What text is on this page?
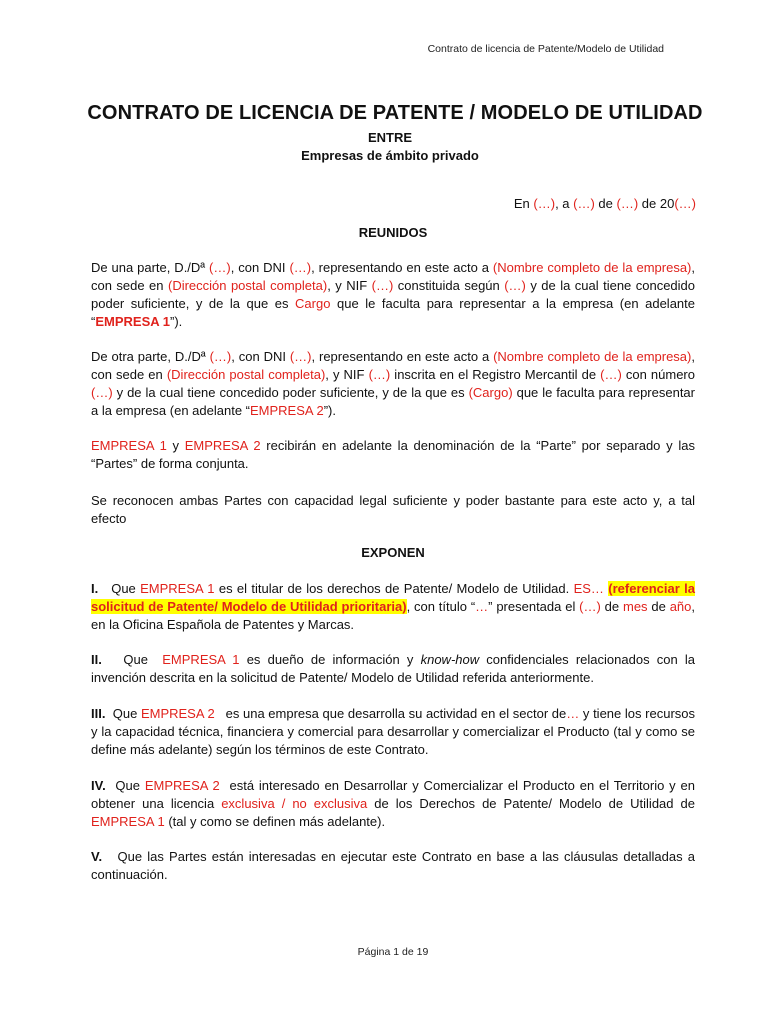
Contrato de licencia de Patente/Modelo de Utilidad
CONTRATO DE LICENCIA DE PATENTE / MODELO DE UTILIDAD
ENTRE
Empresas de ámbito privado
En (…), a (…) de (…) de 20(…)
REUNIDOS
De una parte, D./Dª (…), con DNI (…), representando en este acto a (Nombre completo de la empresa), con sede en (Dirección postal completa), y NIF (…) constituida según (…) y de la cual tiene concedido poder suficiente, y de la que es Cargo que le faculta para representar a la empresa (en adelante “EMPRESA 1”).
De otra parte, D./Dª (…), con DNI (…), representando en este acto a (Nombre completo de la empresa), con sede en (Dirección postal completa), y NIF (…) inscrita en el Registro Mercantil de (…) con número (…) y de la cual tiene concedido poder suficiente, y de la que es (Cargo) que le faculta para representar a la empresa (en adelante “EMPRESA 2”).
EMPRESA 1 y EMPRESA 2 recibirán en adelante la denominación de la “Parte” por separado y las “Partes” de forma conjunta.
Se reconocen ambas Partes con capacidad legal suficiente y poder bastante para este acto y, a tal efecto
EXPONEN
I.   Que EMPRESA 1 es el titular de los derechos de Patente/ Modelo de Utilidad. ES… (referenciar la solicitud de Patente/ Modelo de Utilidad prioritaria), con título “…” presentada el (…) de mes de año, en la Oficina Española de Patentes y Marcas.
II.   Que  EMPRESA 1 es dueño de información y know-how confidenciales relacionados con la invención descrita en la solicitud de Patente/ Modelo de Utilidad referida anteriormente.
III.  Que EMPRESA 2   es una empresa que desarrolla su actividad en el sector de… y tiene los recursos y la capacidad técnica, financiera y comercial para desarrollar y comercializar el Producto (tal y como se define más adelante) según los términos de este Contrato.
IV.  Que EMPRESA 2  está interesado en Desarrollar y Comercializar el Producto en el Territorio y en obtener una licencia exclusiva / no exclusiva de los Derechos de Patente/ Modelo de Utilidad de EMPRESA 1 (tal y como se definen más adelante).
V.   Que las Partes están interesadas en ejecutar este Contrato en base a las cláusulas detalladas a continuación.
Página 1 de 19
